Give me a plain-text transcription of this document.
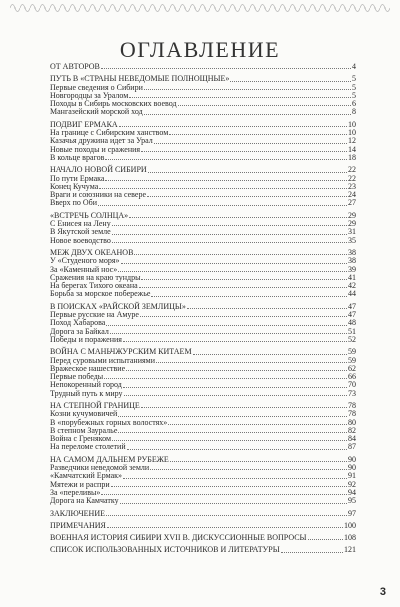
ОГЛАВЛЕНИЕ
ОТ АВТОРОВ	4
ПУТЬ В «СТРАНЫ НЕВЕДОМЫЕ ПОЛНОЩНЫЕ»	5
Первые сведения о Сибири	5
Новгородцы за Уралом	5
Походы в Сибирь московских воевод	6
Мангазейский морской ход	8
ПОДВИГ ЕРМАКА	10
На границе с Сибирским ханством	10
Казачья дружина идет за Урал	12
Новые походы и сражения	14
В кольце врагов	18
НАЧАЛО НОВОЙ СИБИРИ	22
По пути Ермака	22
Конец Кучума	23
Враги и союзники на севере	24
Вверх по Оби	27
«ВСТРЕЧЬ СОЛНЦА»	29
С Енисея на Лену	29
В Якутской земле	31
Новое воеводство	35
МЕЖ ДВУХ ОКЕАНОВ	38
У «Студеного моря»	38
За «Каменный нос»	39
Сражения на краю тундры	41
На берегах Тихого океана	42
Борьба за морское побережье	44
В ПОИСКАХ «РАЙСКОЙ ЗЕМЛИЦЫ»	47
Первые русские на Амуре	47
Поход Хабарова	48
Дорога за Байкал	51
Победы и поражения	52
ВОЙНА С МАНЬЧЖУРСКИМ КИТАЕМ	59
Перед суровыми испытаниями	59
Вражеское нашествие	62
Первые победы	66
Непокоренный город	70
Трудный путь к миру	73
НА СТЕПНОЙ ГРАНИЦЕ	78
Козни кучумовичей	78
В «порубежных горных волостях»	80
В степном Зауралье	82
Война с Греняком	84
На переломе столетий	87
НА САМОМ ДАЛЬНЕМ РУБЕЖЕ	90
Разведчики неведомой земли	90
«Камчатский Ермак»	91
Мятежи и распри	92
За «переливы»	94
Дорога на Камчатку	95
ЗАКЛЮЧЕНИЕ	97
ПРИМЕЧАНИЯ	100
ВОЕННАЯ ИСТОРИЯ СИБИРИ XVII В. ДИСКУССИОННЫЕ ВОПРОСЫ	108
СПИСОК ИСПОЛЬЗОВАННЫХ ИСТОЧНИКОВ И ЛИТЕРАТУРЫ	121
3
